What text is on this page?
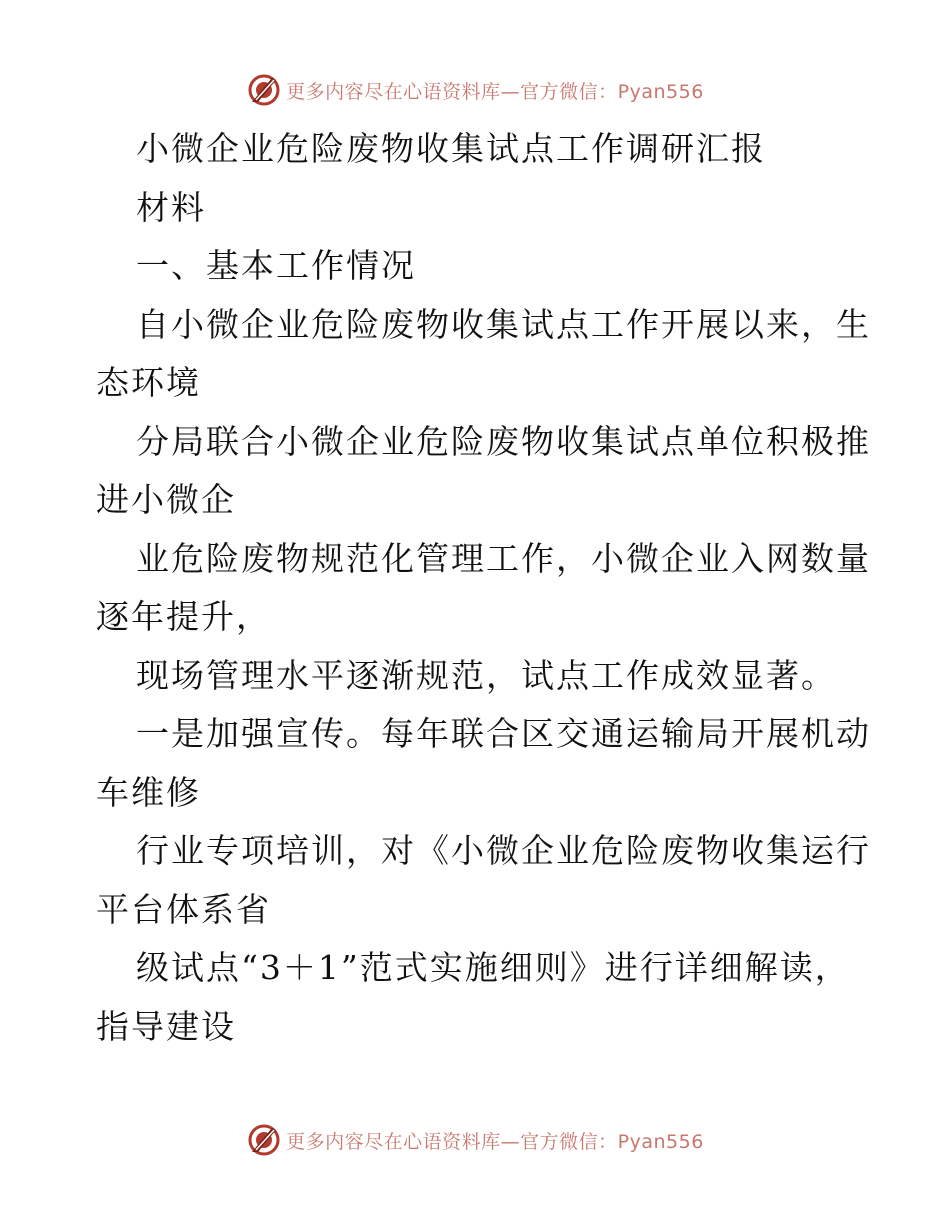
更多内容尽在心语资料库—官方微信：Pyan556
小微企业危险废物收集试点工作调研汇报
材料
一、基本工作情况
自小微企业危险废物收集试点工作开展以来，生
态环境
分局联合小微企业危险废物收集试点单位积极推
进小微企
业危险废物规范化管理工作，小微企业入网数量
逐年提升，
现场管理水平逐渐规范，试点工作成效显著。
一是加强宣传。每年联合区交通运输局开展机动
车维修
行业专项培训，对《小微企业危险废物收集运行
平台体系省
级试点“3＋1”范式实施细则》进行详细解读，
指导建设
更多内容尽在心语资料库—官方微信：Pyan556
